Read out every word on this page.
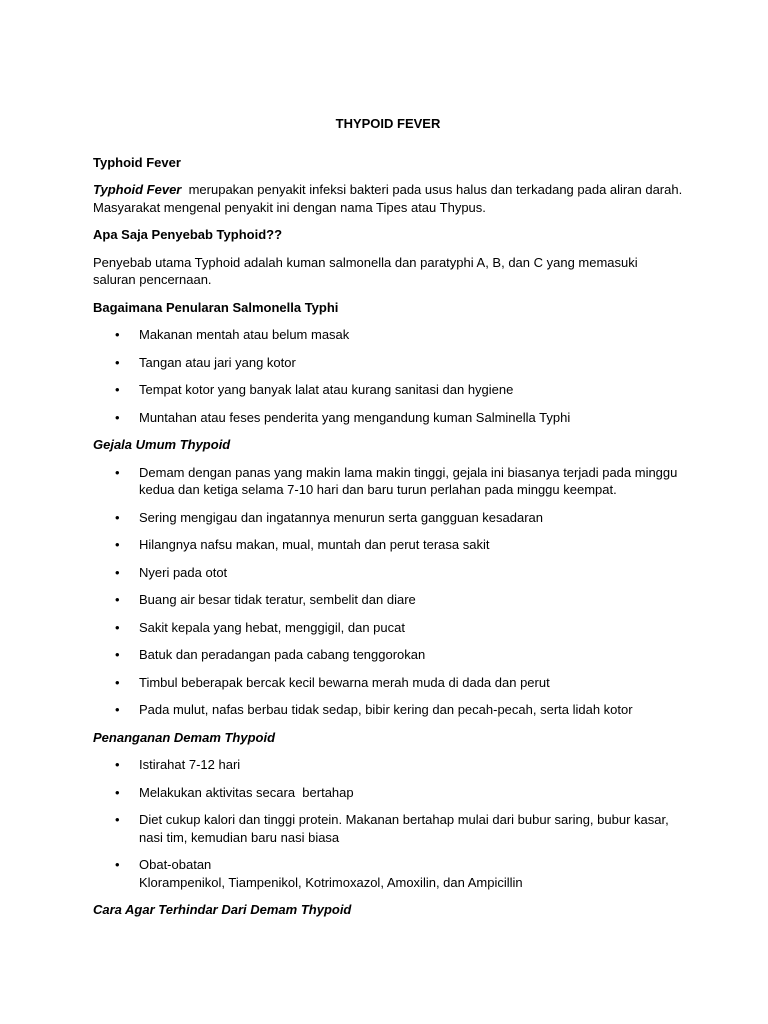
THYPOID FEVER

Typhoid Fever

Typhoid Fever  merupakan penyakit infeksi bakteri pada usus halus dan terkadang pada aliran darah. Masyarakat mengenal penyakit ini dengan nama Tipes atau Thypus.

Apa Saja Penyebab Typhoid??

Penyebab utama Typhoid adalah kuman salmonella dan paratyphi A, B, dan C yang memasuki saluran pencernaan.

Bagaimana Penularan Salmonella Typhi

• Makanan mentah atau belum masak
• Tangan atau jari yang kotor
• Tempat kotor yang banyak lalat atau kurang sanitasi dan hygiene
• Muntahan atau feses penderita yang mengandung kuman Salminella Typhi

Gejala Umum Thypoid

• Demam dengan panas yang makin lama makin tinggi, gejala ini biasanya terjadi pada minggu kedua dan ketiga selama 7-10 hari dan baru turun perlahan pada minggu keempat.
• Sering mengigau dan ingatannya menurun serta gangguan kesadaran
• Hilangnya nafsu makan, mual, muntah dan perut terasa sakit
• Nyeri pada otot
• Buang air besar tidak teratur, sembelit dan diare
• Sakit kepala yang hebat, menggigil, dan pucat
• Batuk dan peradangan pada cabang tenggorokan
• Timbul beberapak bercak kecil bewarna merah muda di dada dan perut
• Pada mulut, nafas berbau tidak sedap, bibir kering dan pecah-pecah, serta lidah kotor

Penanganan Demam Thypoid

• Istirahat 7-12 hari
• Melakukan aktivitas secara  bertahap
• Diet cukup kalori dan tinggi protein. Makanan bertahap mulai dari bubur saring, bubur kasar, nasi tim, kemudian baru nasi biasa
• Obat-obatan
Klorampenikol, Tiampenikol, Kotrimoxazol, Amoxilin, dan Ampicillin

Cara Agar Terhindar Dari Demam Thypoid
